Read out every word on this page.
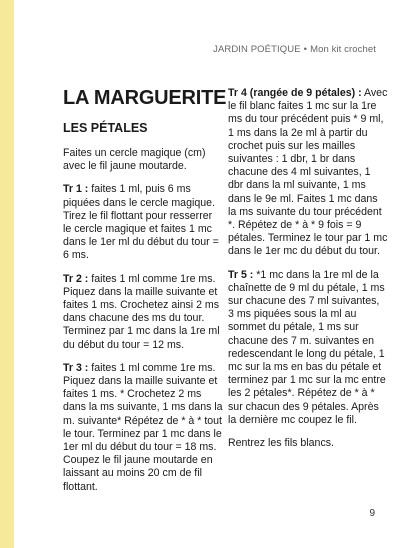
JARDIN POÉTIQUE • Mon kit crochet
LA MARGUERITE
LES PÉTALES

Faites un cercle magique (cm) avec le fil jaune moutarde.

Tr 1 : faites 1 ml, puis 6 ms piquées dans le cercle magique. Tirez le fil flottant pour resserrer le cercle magique et faites 1 mc dans le 1er ml du début du tour = 6 ms.

Tr 2 : faites 1 ml comme 1re ms. Piquez dans la maille suivante et faites 1 ms. Crochetez ainsi 2 ms dans chacune des ms du tour. Terminez par 1 mc dans la 1re ml du début du tour = 12 ms.

Tr 3 : faites 1 ml comme 1re ms. Piquez dans la maille suivante et faites 1 ms. * Crochetez 2 ms dans la ms suivante, 1 ms dans la m. suivante* Répétez de * à * tout le tour. Terminez par 1 mc dans le 1er ml du début du tour = 18 ms. Coupez le fil jaune moutarde en laissant au moins 20 cm de fil flottant.

Tr 4 (rangée de 9 pétales) : Avec le fil blanc faites 1 mc sur la 1re ms du tour précédent puis * 9 ml, 1 ms dans la 2e ml à partir du crochet puis sur les mailles suivantes : 1 dbr, 1 br dans chacune des 4 ml suivantes, 1 dbr dans la ml suivante, 1 ms dans le 9e ml. Faites 1 mc dans la ms suivante du tour précédent *. Répétez de * à * 9 fois = 9 pétales. Terminez le tour par 1 mc dans le 1er mc du début du tour.

Tr 5 : *1 mc dans la 1re ml de la chaînette de 9 ml du pétale, 1 ms sur chacune des 7 ml suivantes, 3 ms piquées sous la ml au sommet du pétale, 1 ms sur chacune des 7 m. suivantes en redescendant le long du pétale, 1 mc sur la ms en bas du pétale et terminez par 1 mc sur la mc entre les 2 pétales*. Répétez de * à * sur chacun des 9 pétales. Après la dernière mc coupez le fil.

Rentrez les fils blancs.

9
